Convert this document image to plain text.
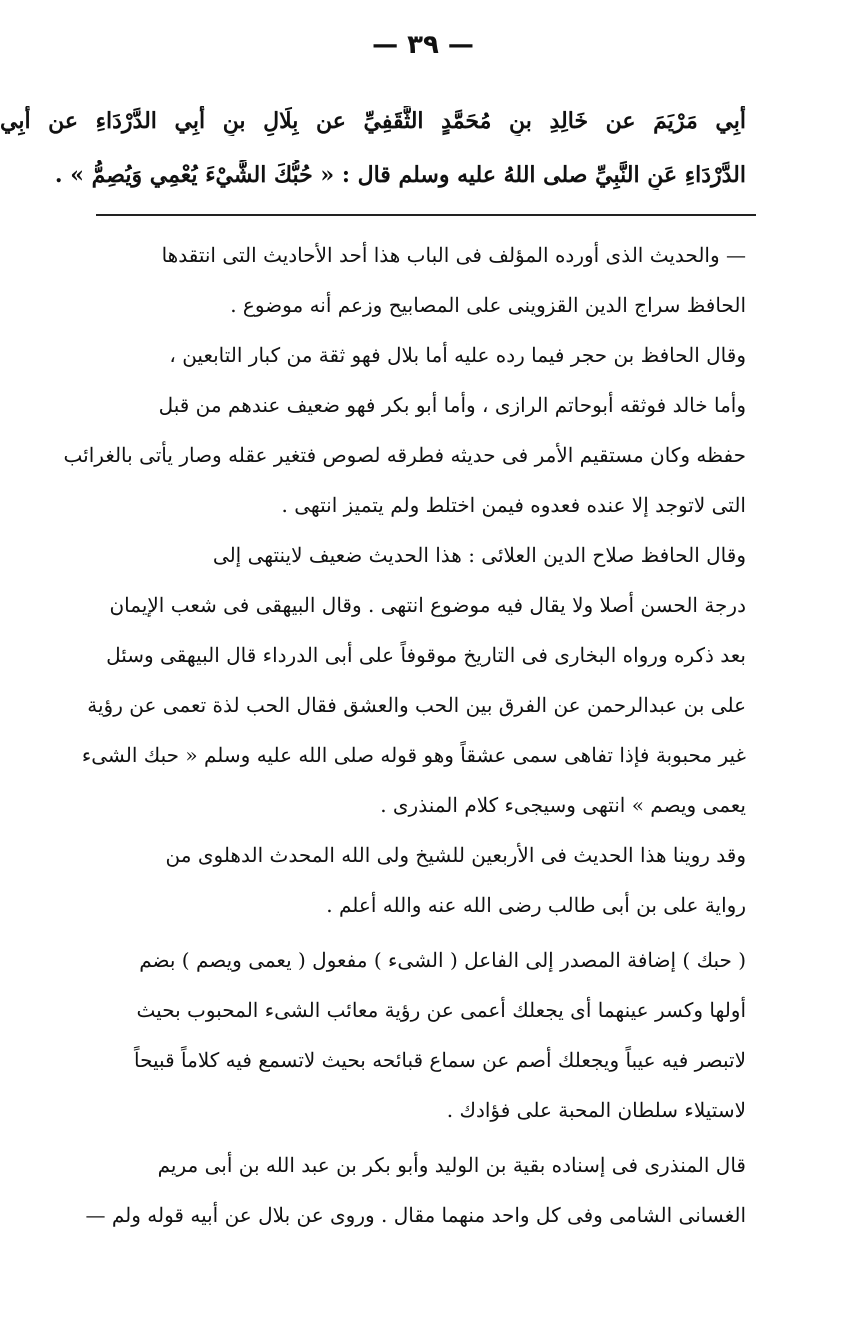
— ٣٩ —
أَبِي مَرْيَمَ عن خَالِدِ بنِ مُحَمَّدٍ الثَّقَفِيِّ عن بِلَالِ بنِ أَبِي الدَّرْدَاءِ عن أَبِي
الدَّرْدَاءِ عَنِ النَّبِيِّ صلى اللهُ عليه وسلم قال : « حُبُّكَ الشَّيْءَ يُعْمِي وَيُصِمُّ » .
— والحديث الذى أورده المؤلف فى الباب هذا أحد الأحاديث التى انتقدها
الحافظ سراج الدين القزوينى على المصابيح وزعم أنه موضوع .
وقال الحافظ بن حجر فيما رده عليه أما بلال فهو ثقة من كبار التابعين ،
وأما خالد فوثقه أبوحاتم الرازى ، وأما أبو بكر فهو ضعيف عندهم من قبل
حفظه وكان مستقيم الأمر فى حديثه فطرقه لصوص فتغير عقله وصار يأتى بالغرائب
التى لاتوجد إلا عنده فعدوه فيمن اختلط ولم يتميز انتهى .
وقال الحافظ صلاح الدين العلائى : هذا الحديث ضعيف لاينتهى إلى
درجة الحسن أصلا ولا يقال فيه موضوع انتهى . وقال البيهقى فى شعب الإيمان
بعد ذكره ورواه البخارى فى التاريخ موقوفاً على أبى الدرداء قال البيهقى وسئل
على بن عبدالرحمن عن الفرق بين الحب والعشق فقال الحب لذة تعمى عن رؤية
غير محبوبة فإذا تفاهى سمى عشقاً وهو قوله صلى الله عليه وسلم « حبك الشىء
يعمى ويصم » انتهى وسيجىء كلام المنذرى .
وقد روينا هذا الحديث فى الأربعين للشيخ ولى الله المحدث الدهلوى من
رواية على بن أبى طالب رضى الله عنه والله أعلم .
( حبك ) إضافة المصدر إلى الفاعل ( الشىء ) مفعول ( يعمى ويصم ) بضم
أولها وكسر عينهما أى يجعلك أعمى عن رؤية معائب الشىء المحبوب بحيث
لاتبصر فيه عيباً ويجعلك أصم عن سماع قبائحه بحيث لاتسمع فيه كلاماً قبيحاً
لاستيلاء سلطان المحبة على فؤادك .
قال المنذرى فى إسناده بقية بن الوليد وأبو بكر بن عبد الله بن أبى مريم
الغسانى الشامى وفى كل واحد منهما مقال . وروى عن بلال عن أبيه قوله ولم —
